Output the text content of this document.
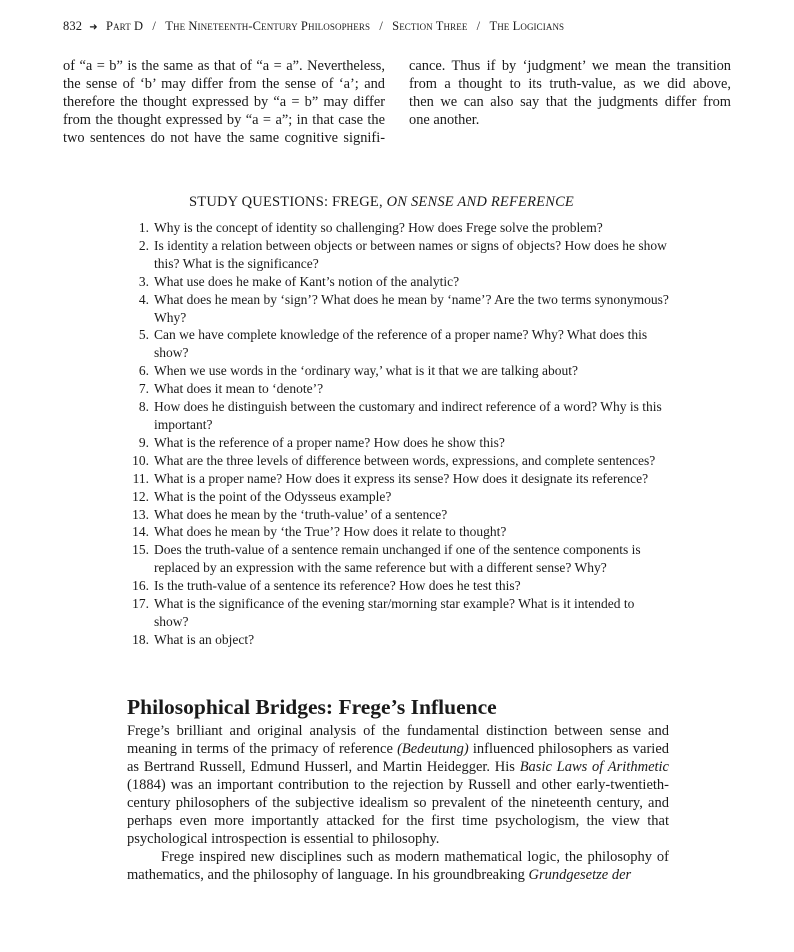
832 ➜ Part D / The Nineteenth-Century Philosophers / Section Three / The Logicians

of “a = b” is the same as that of “a = a”. Nevertheless,

the sense of ‘b’ may differ from the sense of ‘a’; and

therefore the thought expressed by “a = b” may differ

from the thought expressed by “a = a”; in that case the

two sentences do not have the same cognitive signifi-

cance. Thus if by ‘judgment’ we mean the transition

from a thought to its truth-value, as we did above,

then we can also say that the judgments differ from

one another.

STUDY QUESTIONS: FREGE, ON SENSE AND REFERENCE
1. Why is the concept of identity so challenging? How does Frege solve the problem?
2. Is identity a relation between objects or between names or signs of objects? How does he show this? What is the significance?
3. What use does he make of Kant’s notion of the analytic?
4. What does he mean by ‘sign’? What does he mean by ‘name’? Are the two terms synonymous? Why?
5. Can we have complete knowledge of the reference of a proper name? Why? What does this show?
6. When we use words in the ‘ordinary way,’ what is it that we are talking about?
7. What does it mean to ‘denote’?
8. How does he distinguish between the customary and indirect reference of a word? Why is this important?
9. What is the reference of a proper name? How does he show this?
10. What are the three levels of difference between words, expressions, and complete sentences?
11. What is a proper name? How does it express its sense? How does it designate its reference?
12. What is the point of the Odysseus example?
13. What does he mean by the ‘truth-value’ of a sentence?
14. What does he mean by ‘the True’? How does it relate to thought?
15. Does the truth-value of a sentence remain unchanged if one of the sentence components is replaced by an expression with the same reference but with a different sense? Why?
16. Is the truth-value of a sentence its reference? How does he test this?
17. What is the significance of the evening star/morning star example? What is it intended to show?
18. What is an object?
Philosophical Bridges: Frege’s Influence

Frege’s brilliant and original analysis of the fundamental distinction between sense and meaning in terms of the primacy of reference (Bedeutung) influenced philosophers as varied as Bertrand Russell, Edmund Husserl, and Martin Heidegger. His Basic Laws of Arithmetic (1884) was an important contribution to the rejection by Russell and other early-twentieth-century philosophers of the subjective idealism so prevalent of the nineteenth century, and perhaps even more importantly attacked for the first time psychologism, the view that psychological introspection is essential to philosophy.

Frege inspired new disciplines such as modern mathematical logic, the philosophy of mathematics, and the philosophy of language. In his groundbreaking Grundgesetze der
